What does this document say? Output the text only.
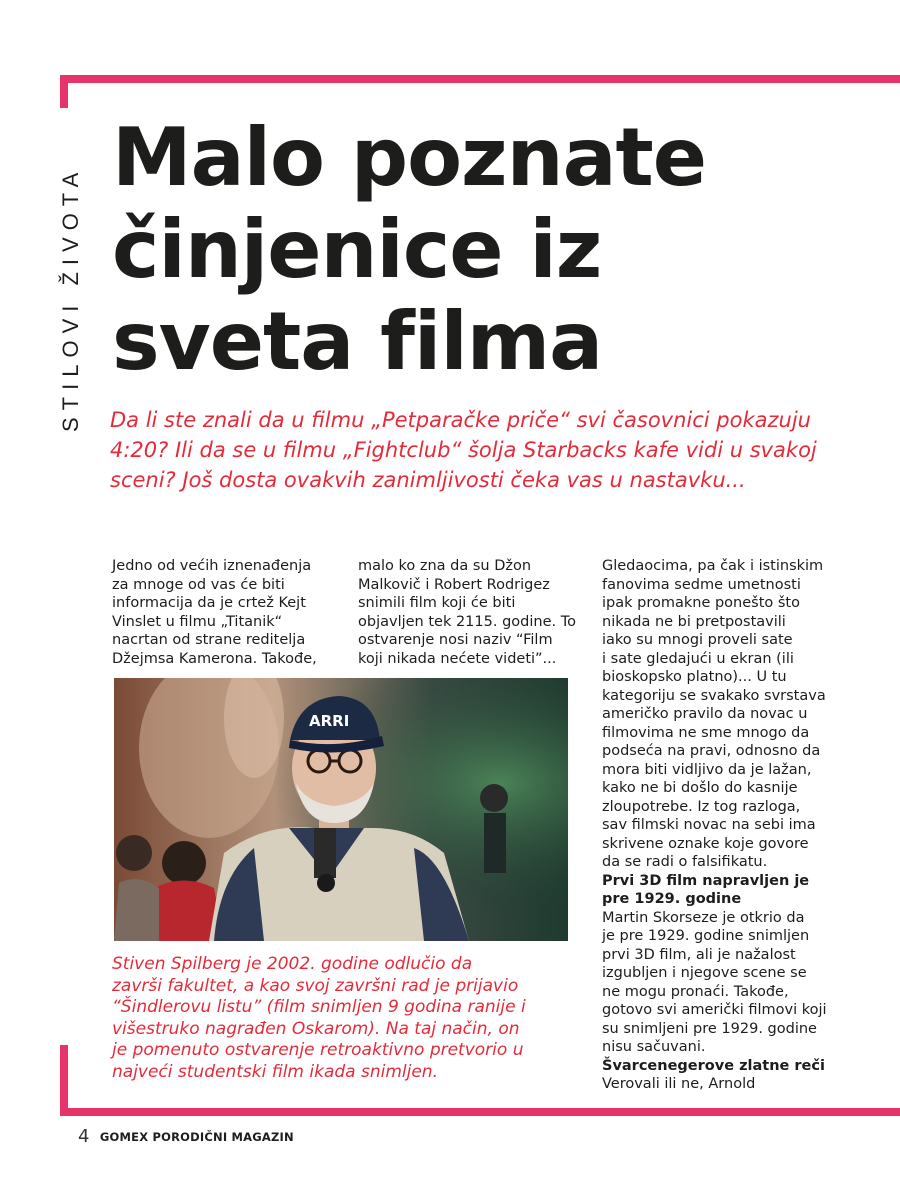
STILOVI ŽIVOTA
Malo poznate
činjenice iz
sveta filma
Da li ste znali da u filmu „Petparačke priče“ svi časovnici pokazuju
4:20? Ili da se u filmu „Fightclub“ šolja Starbacks kafe vidi u svakoj
sceni? Još dosta ovakvih zanimljivosti čeka vas u nastavku...
Jedno od većih iznenađenja
za mnoge od vas će biti
informacija da je crtež Kejt
Vinslet u filmu „Titanik“
nacrtan od strane reditelja
Džejmsa Kamerona. Takođe,
malo ko zna da su Džon
Malkovič i Robert Rodrigez
snimili film koji će biti
objavljen tek 2115. godine. To
ostvarenje nosi naziv “Film
koji nikada nećete videti”...
Gledaocima, pa čak i istinskim
fanovima sedme umetnosti
ipak promakne ponešto što
nikada ne bi pretpostavili
iako su mnogi proveli sate
i sate gledajući u ekran (ili
bioskopsko platno)... U tu
kategoriju se svakako svrstava
američko pravilo da novac u
filmovima ne sme mnogo da
podseća na pravi, odnosno da
mora biti vidljivo da je lažan,
kako ne bi došlo do kasnije
zloupotrebe. Iz tog razloga,
sav filmski novac na sebi ima
skrivene oznake koje govore
da se radi o falsifikatu.
Prvi 3D film napravljen je
pre 1929. godine
Martin Skorseze je otkrio da
je pre 1929. godine snimljen
prvi 3D film, ali je nažalost
izgubljen i njegove scene se
ne mogu pronaći. Takođe,
gotovo svi američki filmovi koji
su snimljeni pre 1929. godine
nisu sačuvani.
Švarcenegerove zlatne reči
Verovali ili ne, Arnold
ARRI
Stiven Spilberg je 2002. godine odlučio da
završi fakultet, a kao svoj završni rad je prijavio
“Šindlerovu listu” (film snimljen 9 godina ranije i
višestruko nagrađen Oskarom). Na taj način, on
je pomenuto ostvarenje retroaktivno pretvorio u
najveći studentski film ikada snimljen.
4 GOMEX PORODIČNI MAGAZIN
